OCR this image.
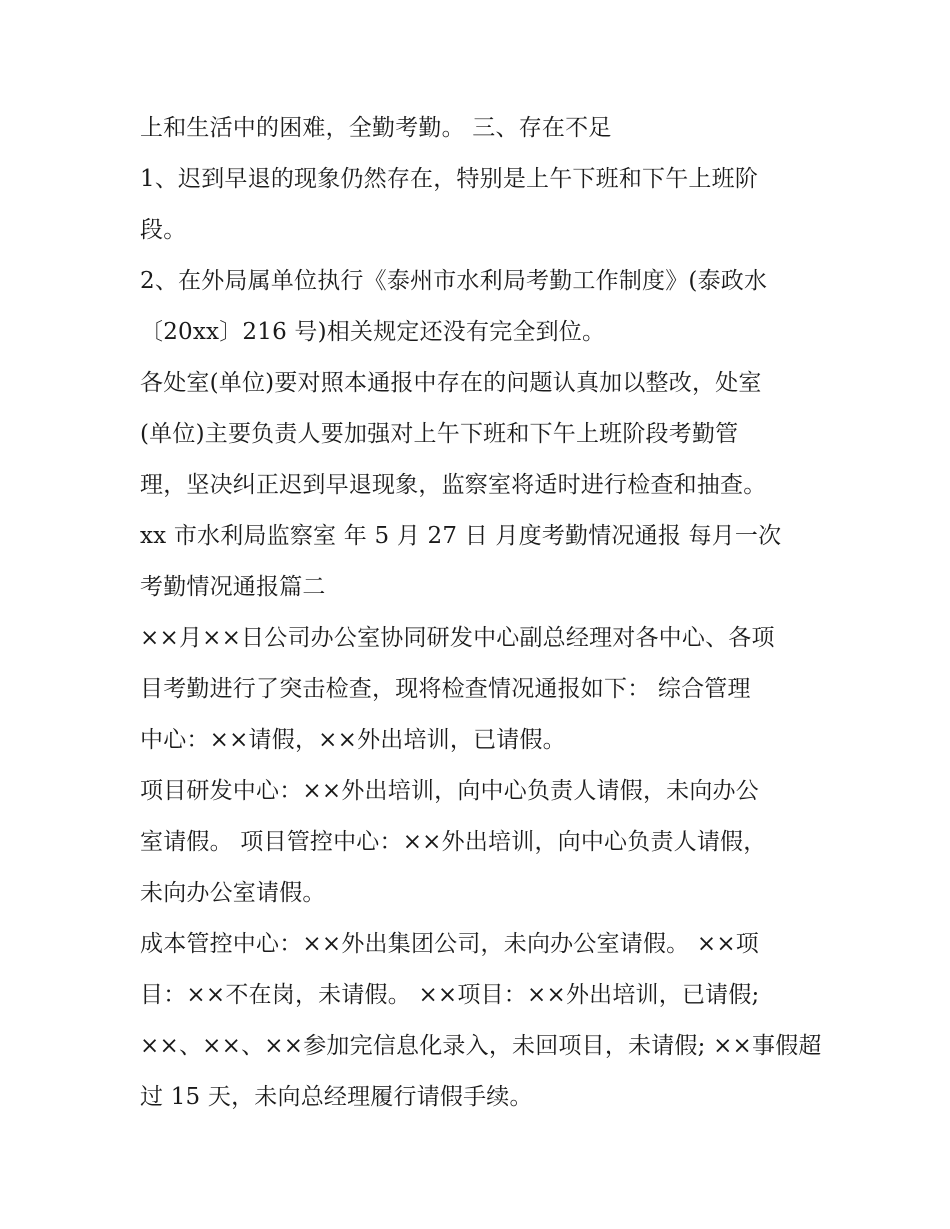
上和生活中的困难，全勤考勤。 三、存在不足
1、迟到早退的现象仍然存在，特别是上午下班和下午上班阶
段。
2、在外局属单位执行《泰州市水利局考勤工作制度》(泰政水
〔20xx〕216 号)相关规定还没有完全到位。
各处室(单位)要对照本通报中存在的问题认真加以整改，处室
(单位)主要负责人要加强对上午下班和下午上班阶段考勤管
理，坚决纠正迟到早退现象，监察室将适时进行检查和抽查。
xx 市水利局监察室 年 5 月 27 日 月度考勤情况通报 每月一次
考勤情况通报篇二
××月××日公司办公室协同研发中心副总经理对各中心、各项
目考勤进行了突击检查，现将检查情况通报如下： 综合管理
中心：××请假，××外出培训，已请假。
项目研发中心：××外出培训，向中心负责人请假，未向办公
室请假。 项目管控中心：××外出培训，向中心负责人请假，
未向办公室请假。
成本管控中心：××外出集团公司，未向办公室请假。 ××项
目：××不在岗，未请假。 ××项目：××外出培训，已请假;
××、××、××参加完信息化录入，未回项目，未请假; ××事假超
过 15 天，未向总经理履行请假手续。
